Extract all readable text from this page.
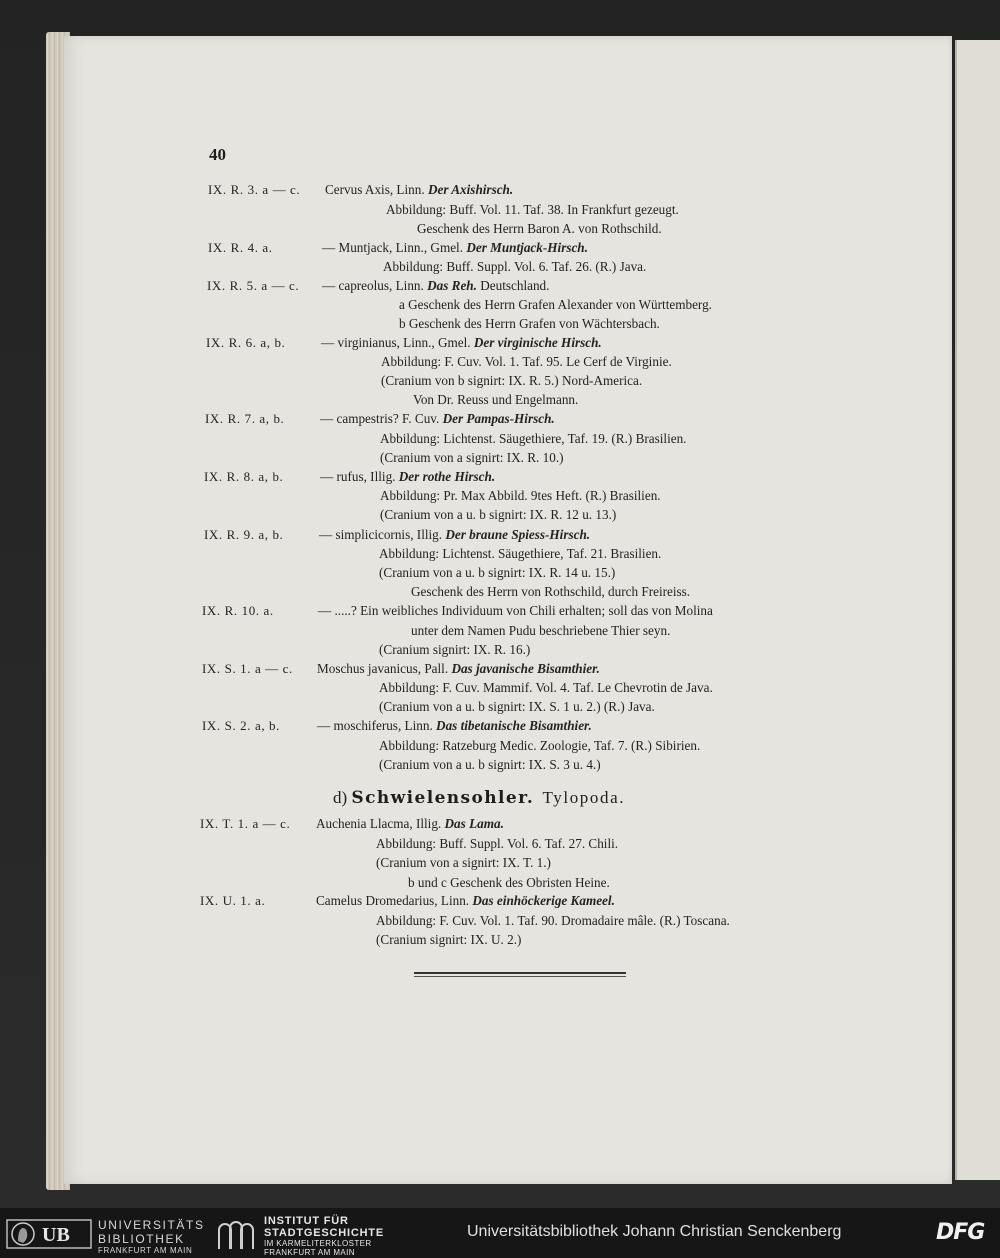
40
IX. R. 3. a — c. Cervus Axis, Linn. Der Axishirsch.
Abbildung: Buff. Vol. 11. Taf. 38. In Frankfurt gezeugt.
Geschenk des Herrn Baron A. von Rothschild.
IX. R. 4. a.	— Muntjack, Linn., Gmel. Der Muntjack-Hirsch.
Abbildung: Buff. Suppl. Vol. 6. Taf. 26. (R.) Java.
IX. R. 5. a — c. — capreolus, Linn. Das Reh. Deutschland.
a Geschenk des Herrn Grafen Alexander von Württemberg.
b Geschenk des Herrn Grafen von Wächtersbach.
IX. R. 6. a, b.	— virginianus, Linn., Gmel. Der virginische Hirsch.
Abbildung: F. Cuv. Vol. 1. Taf. 95. Le Cerf de Virginie.
(Cranium von b signirt: IX. R. 5.) Nord-America.
Von Dr. Reuss und Engelmann.
IX. R. 7. a, b.	— campestris? F. Cuv. Der Pampas-Hirsch.
Abbildung: Lichtenst. Säugethiere, Taf. 19. (R.) Brasilien.
(Cranium von a signirt: IX. R. 10.)
IX. R. 8. a, b.	— rufus, Illig. Der rothe Hirsch.
Abbildung: Pr. Max Abbild. 9tes Heft. (R.) Brasilien.
(Cranium von a u. b signirt: IX. R. 12 u. 13.)
IX. R. 9. a, b.	— simplicicornis, Illig. Der braune Spiess-Hirsch.
Abbildung: Lichtenst. Säugethiere, Taf. 21. Brasilien.
(Cranium von a u. b signirt: IX. R. 14 u. 15.)
Geschenk des Herrn von Rothschild, durch Freireiss.
IX. R. 10. a.	— .....? Ein weibliches Individuum von Chili erhalten; soll das von Molina
unter dem Namen Pudu beschriebene Thier seyn.
(Cranium signirt: IX. R. 16.)
IX. S. 1. a — c. Moschus javanicus, Pall. Das javanische Bisamthier.
Abbildung: F. Cuv. Mammif. Vol. 4. Taf. Le Chevrotin de Java.
(Cranium von a u. b signirt: IX. S. 1 u. 2.) (R.) Java.
IX. S. 2. a, b.	— moschiferus, Linn. Das tibetanische Bisamthier.
Abbildung: Ratzeburg Medic. Zoologie, Taf. 7. (R.) Sibirien.
(Cranium von a u. b signirt: IX. S. 3 u. 4.)
d) Schwielensohler. Tylopoda.
IX. T. 1. a — c. Auchenia Llacma, Illig. Das Lama.
Abbildung: Buff. Suppl. Vol. 6. Taf. 27. Chili.
(Cranium von a signirt: IX. T. 1.)
b und c Geschenk des Obristen Heine.
IX. U. 1. a.	Camelus Dromedarius, Linn. Das einhöckerige Kameel.
Abbildung: F. Cuv. Vol. 1. Taf. 90. Dromadaire mâle. (R.) Toscana.
(Cranium signirt: IX. U. 2.)
UB UNIVERSITÄTS
BIBLIOTHEK
FRANKFURT AM MAIN
INSTITUT FÜR
STADTGESCHICHTE
IM KARMELITERKLOSTER
FRANKFURT AM MAIN
Universitätsbibliothek Johann Christian Senckenberg	DFG
